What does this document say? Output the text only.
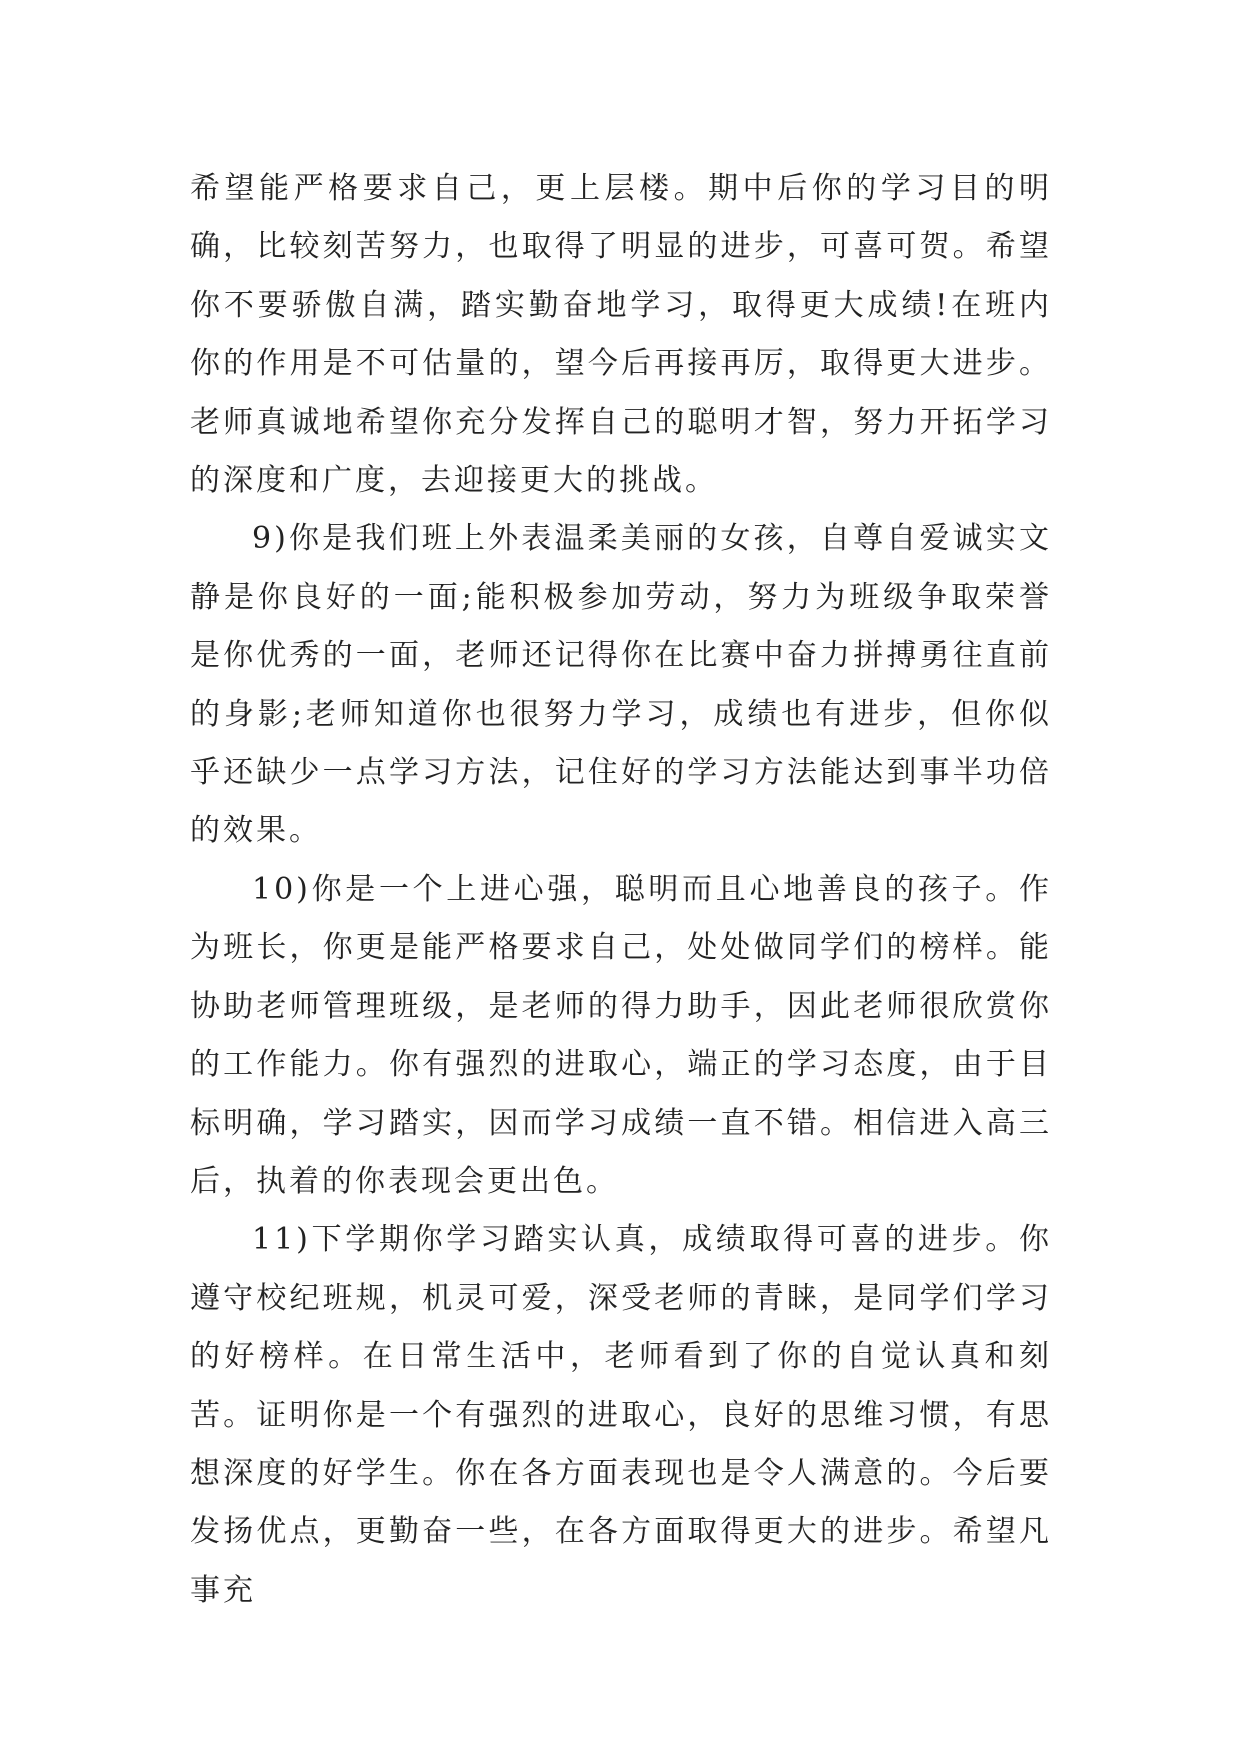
希望能严格要求自己，更上层楼。期中后你的学习目的明确，比较刻苦努力，也取得了明显的进步，可喜可贺。希望你不要骄傲自满，踏实勤奋地学习，取得更大成绩!在班内你的作用是不可估量的，望今后再接再厉，取得更大进步。老师真诚地希望你充分发挥自己的聪明才智，努力开拓学习的深度和广度，去迎接更大的挑战。

9)你是我们班上外表温柔美丽的女孩，自尊自爱诚实文静是你良好的一面;能积极参加劳动，努力为班级争取荣誉是你优秀的一面，老师还记得你在比赛中奋力拼搏勇往直前的身影;老师知道你也很努力学习，成绩也有进步，但你似乎还缺少一点学习方法，记住好的学习方法能达到事半功倍的效果。

10)你是一个上进心强，聪明而且心地善良的孩子。作为班长，你更是能严格要求自己，处处做同学们的榜样。能协助老师管理班级，是老师的得力助手，因此老师很欣赏你的工作能力。你有强烈的进取心，端正的学习态度，由于目标明确，学习踏实，因而学习成绩一直不错。相信进入高三后，执着的你表现会更出色。

11)下学期你学习踏实认真，成绩取得可喜的进步。你遵守校纪班规，机灵可爱，深受老师的青睐，是同学们学习的好榜样。在日常生活中，老师看到了你的自觉认真和刻苦。证明你是一个有强烈的进取心，良好的思维习惯，有思想深度的好学生。你在各方面表现也是令人满意的。今后要发扬优点，更勤奋一些，在各方面取得更大的进步。希望凡事充
